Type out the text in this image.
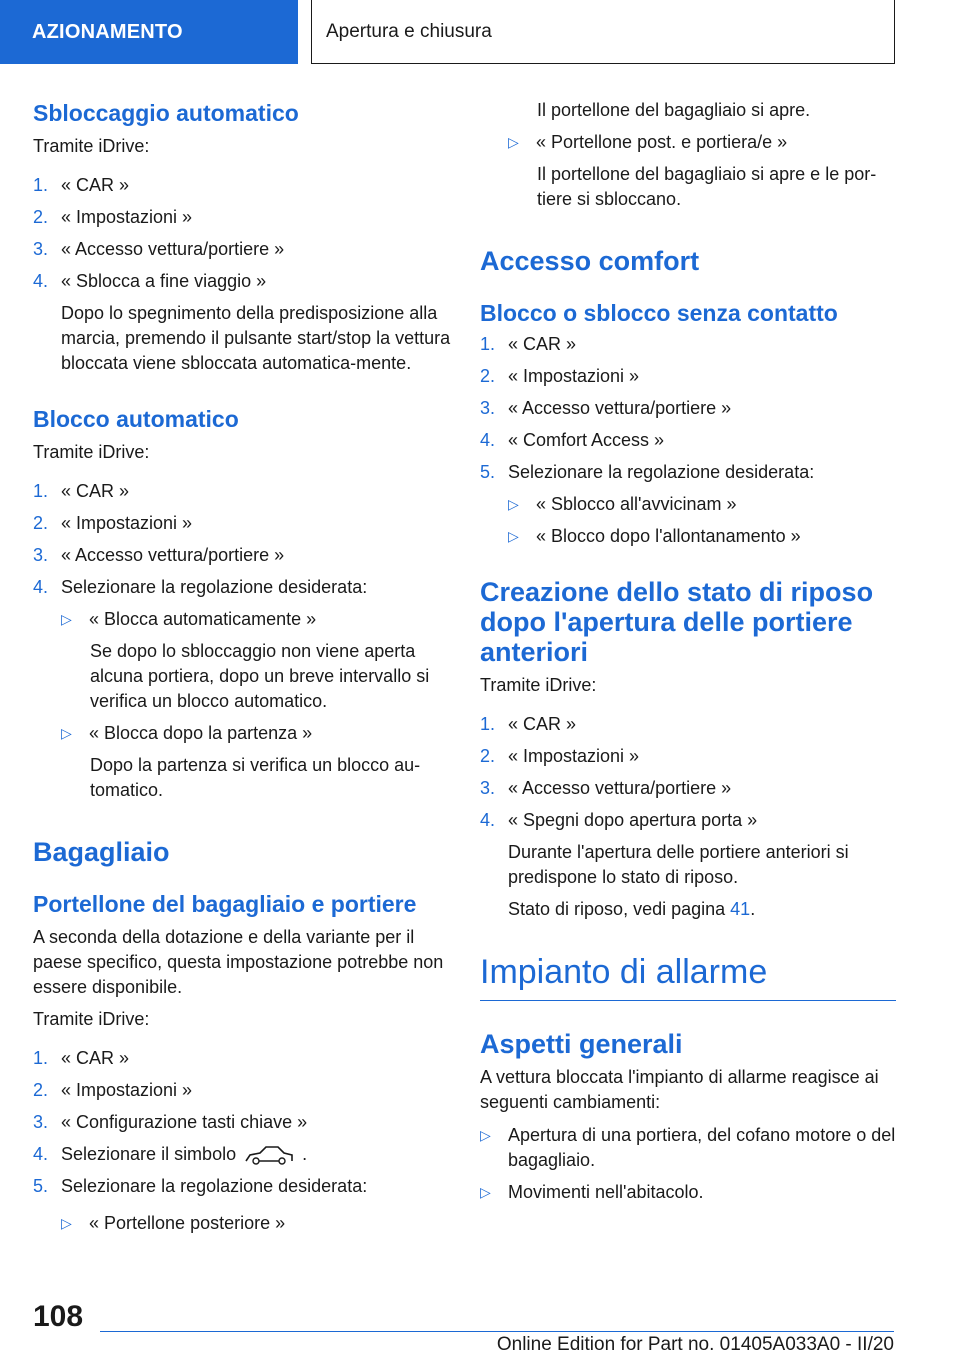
AZIONAMENTO	Apertura e chiusura
Sbloccaggio automatico

Tramite iDrive:

1. « CAR »
2. « Impostazioni »
3. « Accesso vettura/portiere »
4. « Sblocca a fine viaggio »

Dopo lo spegnimento della predisposizione alla marcia, premendo il pulsante start/stop la vettura bloccata viene sbloccata automatica-mente.

Blocco automatico

Tramite iDrive:

1. « CAR »
2. « Impostazioni »
3. « Accesso vettura/portiere »
4. Selezionare la regolazione desiderata:
▷ « Blocca automaticamente »

Se dopo lo sbloccaggio non viene aperta alcuna portiera, dopo un breve intervallo si verifica un blocco automatico.

▷ « Blocca dopo la partenza »

Dopo la partenza si verifica un blocco au-tomatico.

Bagagliaio
Portellone del bagagliaio e portiere

A seconda della dotazione e della variante per il paese specifico, questa impostazione potrebbe non essere disponibile.

Tramite iDrive:

1. « CAR »
2. « Impostazioni »
3. « Configurazione tasti chiave »
4. Selezionare il simbolo	.
5. Selezionare la regolazione desiderata:
▷ « Portellone posteriore »

Il portellone del bagagliaio si apre.

▷ « Portellone post. e portiera/e »

Il portellone del bagagliaio si apre e le por-tiere si sbloccano.

Accesso comfort
Blocco o sblocco senza contatto
1. « CAR »
2. « Impostazioni »
3. « Accesso vettura/portiere »
4. « Comfort Access »
5. Selezionare la regolazione desiderata:
▷ « Sblocco all'avvicinam »
▷ « Blocco dopo l'allontanamento »
Creazione dello stato di riposo
dopo l'apertura delle portiere
anteriori

Tramite iDrive:

1. « CAR »
2. « Impostazioni »
3. « Accesso vettura/portiere »
4. « Spegni dopo apertura porta »

Durante l'apertura delle portiere anteriori si predispone lo stato di riposo.

Stato di riposo, vedi pagina 41.

Impianto di allarme
Aspetti generali

A vettura bloccata l'impianto di allarme reagisce ai seguenti cambiamenti:

▷ Apertura di una portiera, del cofano motore o del bagagliaio.
▷ Movimenti nell'abitacolo.
108
Online Edition for Part no. 01405A033A0 - II/20
